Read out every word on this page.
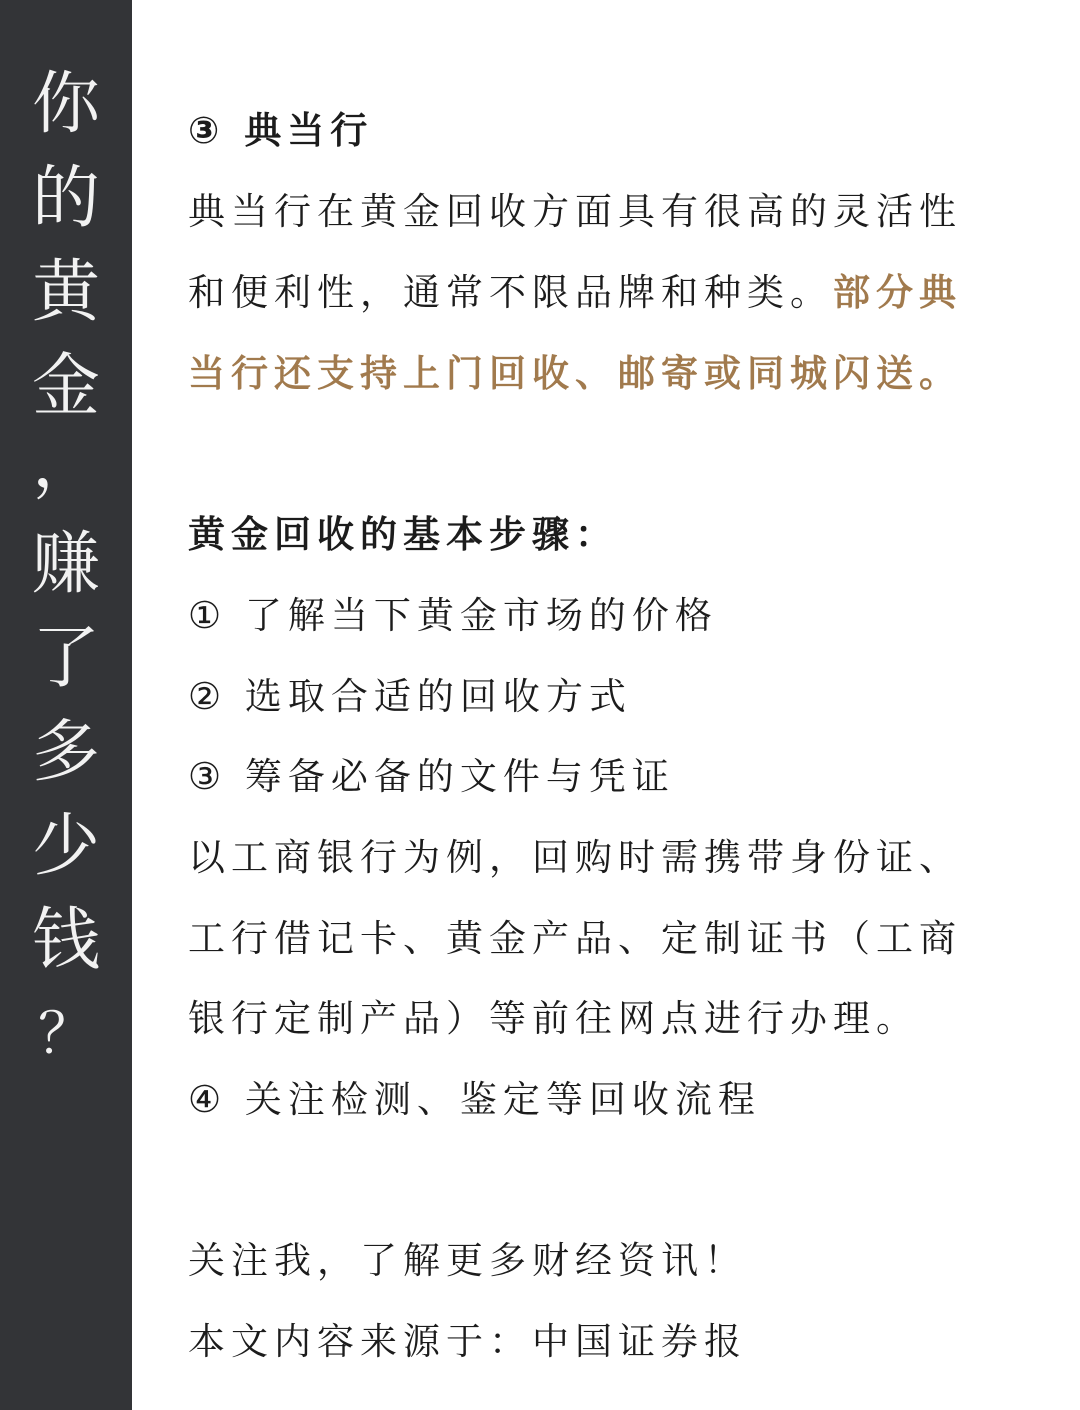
你
的
黄
金
，
赚
了
多
少
钱
？
③ 典当行
典当行在黄金回收方面具有很高的灵活性
和便利性，通常不限品牌和种类。部分典
当行还支持上门回收、邮寄或同城闪送。
黄金回收的基本步骤：
① 了解当下黄金市场的价格
② 选取合适的回收方式
③ 筹备必备的文件与凭证
以工商银行为例，回购时需携带身份证、
工行借记卡、黄金产品、定制证书（工商
银行定制产品）等前往网点进行办理。
④ 关注检测、鉴定等回收流程
关注我，了解更多财经资讯！
本文内容来源于：中国证券报
